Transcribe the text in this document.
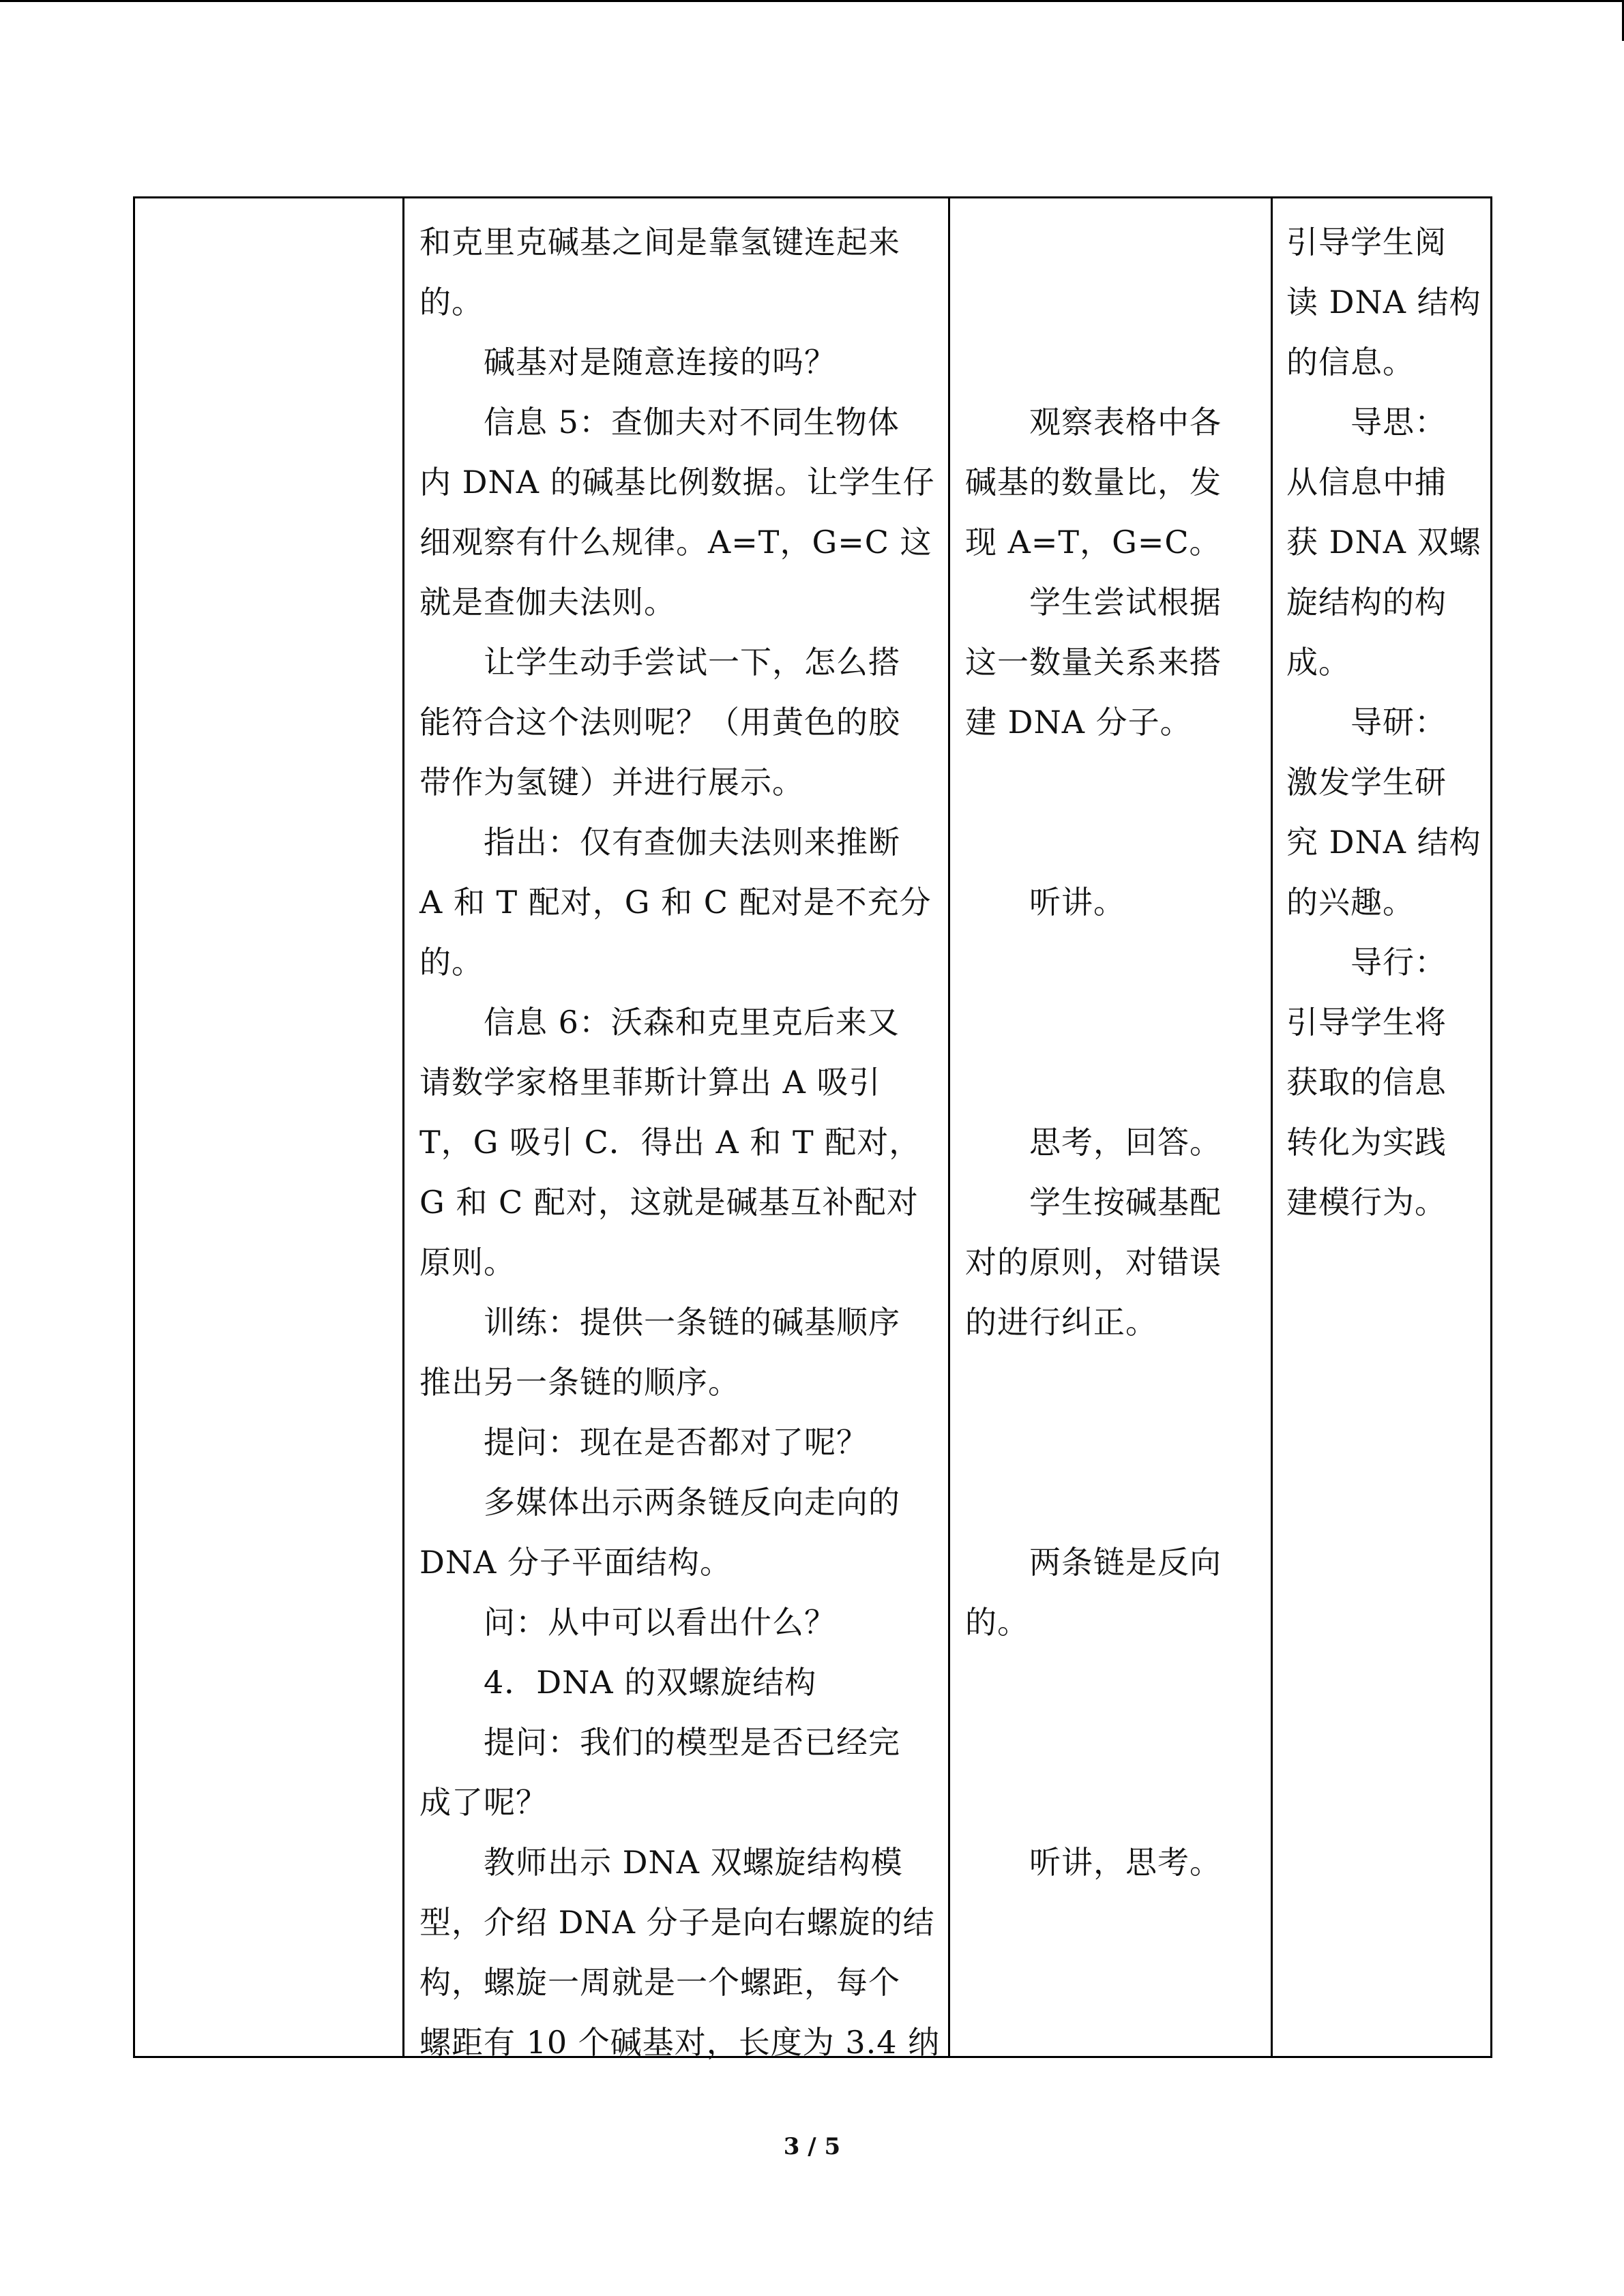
和克里克碱基之间是靠氢键连起来
的。
　　碱基对是随意连接的吗？
　　信息 5：查伽夫对不同生物体
内 DNA 的碱基比例数据。让学生仔
细观察有什么规律。A=T，G=C 这
就是查伽夫法则。
　　让学生动手尝试一下，怎么搭
能符合这个法则呢？（用黄色的胶
带作为氢键）并进行展示。
　　指出：仅有查伽夫法则来推断
A 和 T 配对，G 和 C 配对是不充分
的。
　　信息 6：沃森和克里克后来又
请数学家格里菲斯计算出 A 吸引
T，G 吸引 C．得出 A 和 T 配对，
G 和 C 配对，这就是碱基互补配对
原则。
　　训练：提供一条链的碱基顺序
推出另一条链的顺序。
　　提问：现在是否都对了呢？
　　多媒体出示两条链反向走向的
DNA 分子平面结构。
　　问：从中可以看出什么？
　　4．DNA 的双螺旋结构
　　提问：我们的模型是否已经完
成了呢？
　　教师出示 DNA 双螺旋结构模
型，介绍 DNA 分子是向右螺旋的结
构，螺旋一周就是一个螺距，每个
螺距有 10 个碱基对，长度为 3.4 纳
　　观察表格中各
碱基的数量比，发
现 A=T，G=C。
　　学生尝试根据
这一数量关系来搭
建 DNA 分子。
　　听讲。
　　思考，回答。
　　学生按碱基配
对的原则，对错误
的进行纠正。
　　两条链是反向
的。
　　听讲，思考。
引导学生阅
读 DNA 结构
的信息。
　　导思：
从信息中捕
获 DNA 双螺
旋结构的构
成。
　　导研：
激发学生研
究 DNA 结构
的兴趣。
　　导行：
引导学生将
获取的信息
转化为实践
建模行为。
3 / 5
